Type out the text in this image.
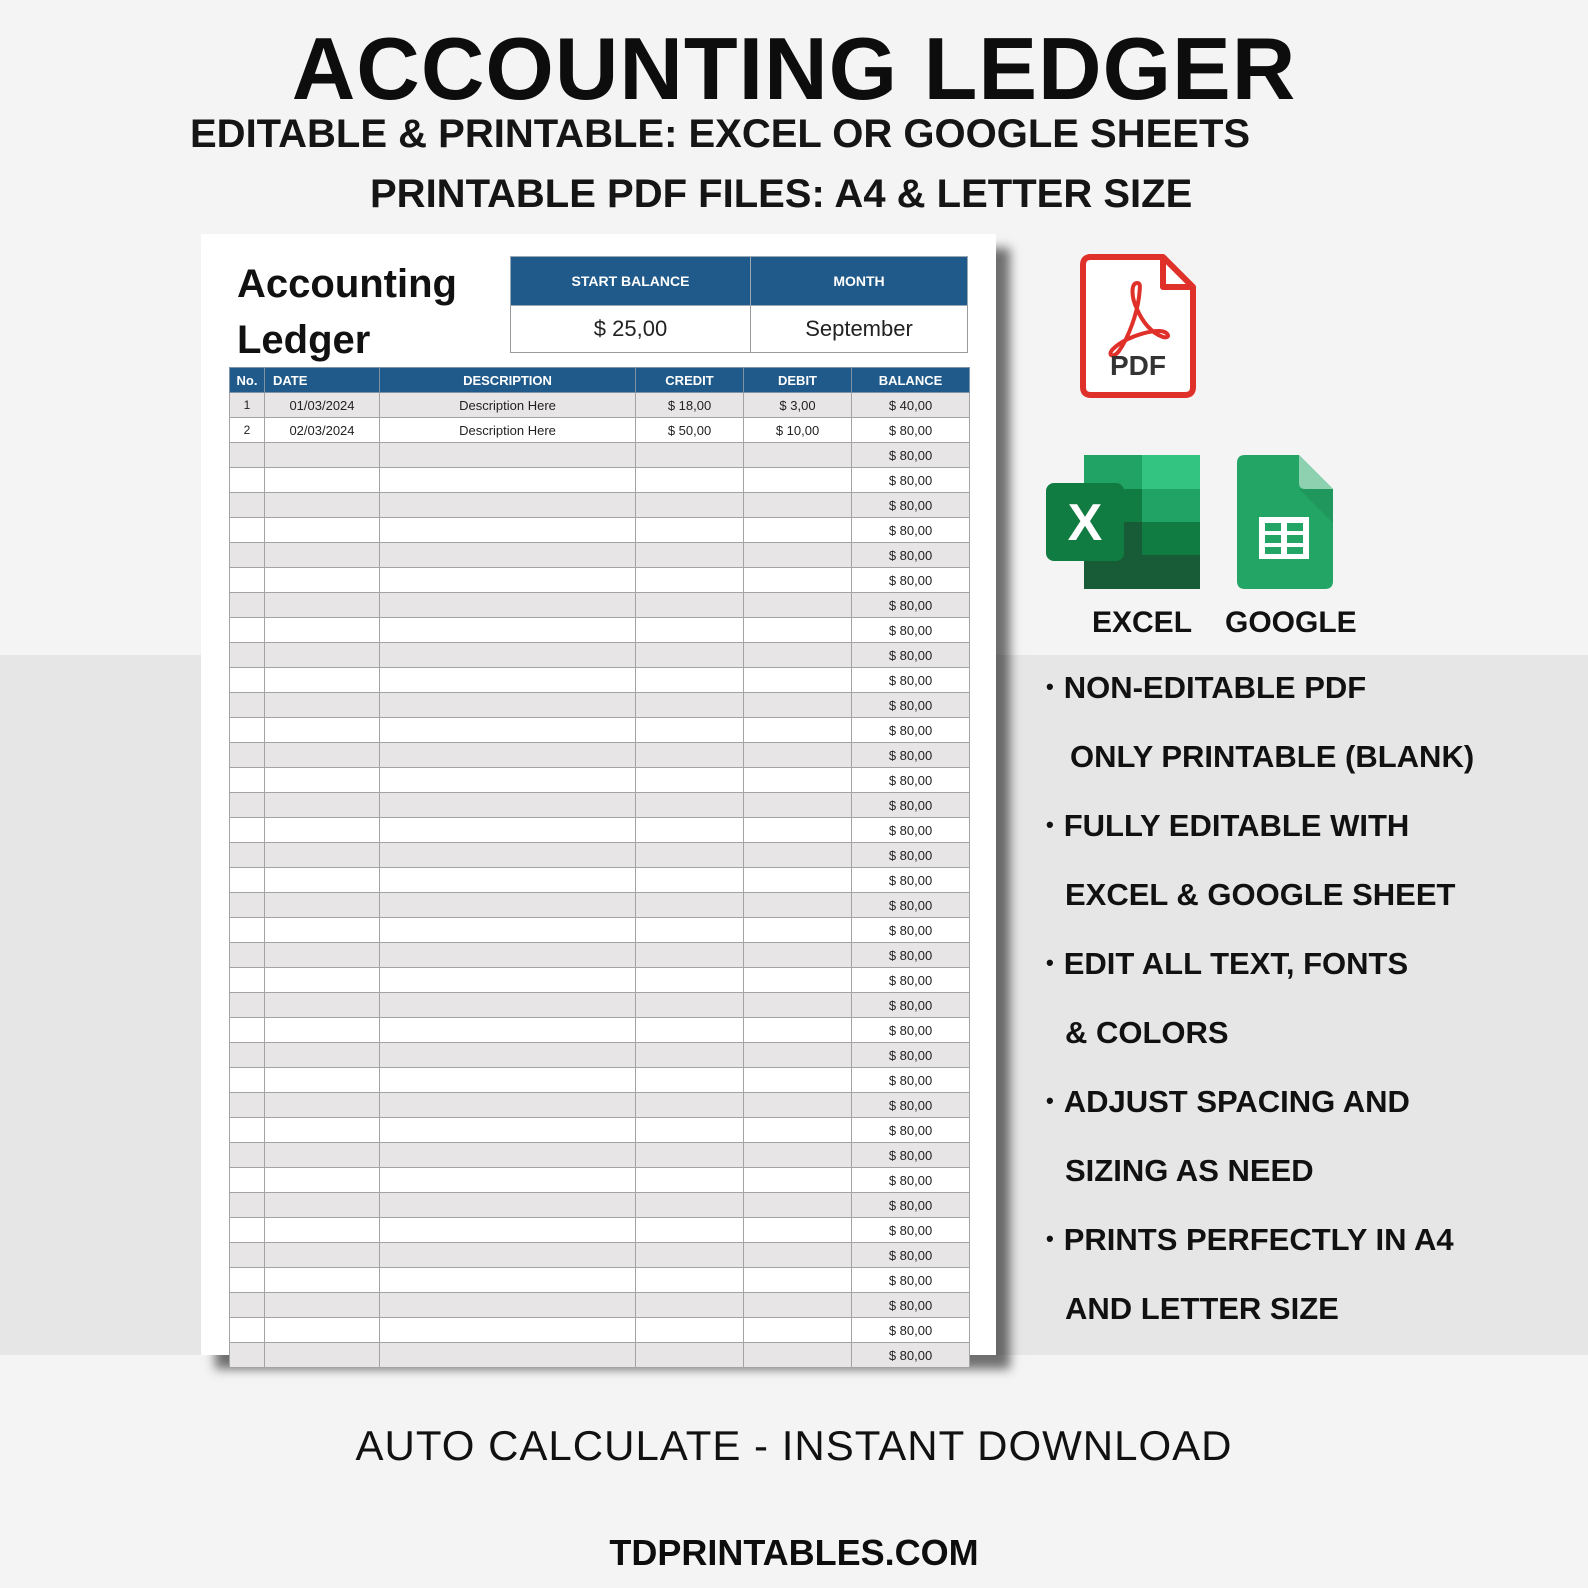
ACCOUNTING LEDGER
EDITABLE & PRINTABLE: EXCEL OR GOOGLE SHEETS
PRINTABLE PDF FILES: A4 & LETTER SIZE
Accounting
Ledger
START BALANCE	MONTH
$ 25,00	September
No.	DATE	DESCRIPTION	CREDIT	DEBIT	BALANCE
1	01/03/2024	Description Here	$ 18,00	$ 3,00	$ 40,00
2	02/03/2024	Description Here	$ 50,00	$ 10,00	$ 80,00
					$ 80,00
					$ 80,00
					$ 80,00
					$ 80,00
					$ 80,00
					$ 80,00
					$ 80,00
					$ 80,00
					$ 80,00
					$ 80,00
					$ 80,00
					$ 80,00
					$ 80,00
					$ 80,00
					$ 80,00
					$ 80,00
					$ 80,00
					$ 80,00
					$ 80,00
					$ 80,00
					$ 80,00
					$ 80,00
					$ 80,00
					$ 80,00
					$ 80,00
					$ 80,00
					$ 80,00
					$ 80,00
					$ 80,00
					$ 80,00
					$ 80,00
					$ 80,00
					$ 80,00
					$ 80,00
					$ 80,00
					$ 80,00
					$ 80,00
PDF
X
EXCEL GOOGLE
• NON-EDITABLE PDF
ONLY PRINTABLE (BLANK)
• FULLY EDITABLE WITH
EXCEL & GOOGLE SHEET
• EDIT ALL TEXT, FONTS
& COLORS
• ADJUST SPACING AND
SIZING AS NEED
• PRINTS PERFECTLY IN A4
AND LETTER SIZE
AUTO CALCULATE - INSTANT DOWNLOAD
TDPRINTABLES.COM
